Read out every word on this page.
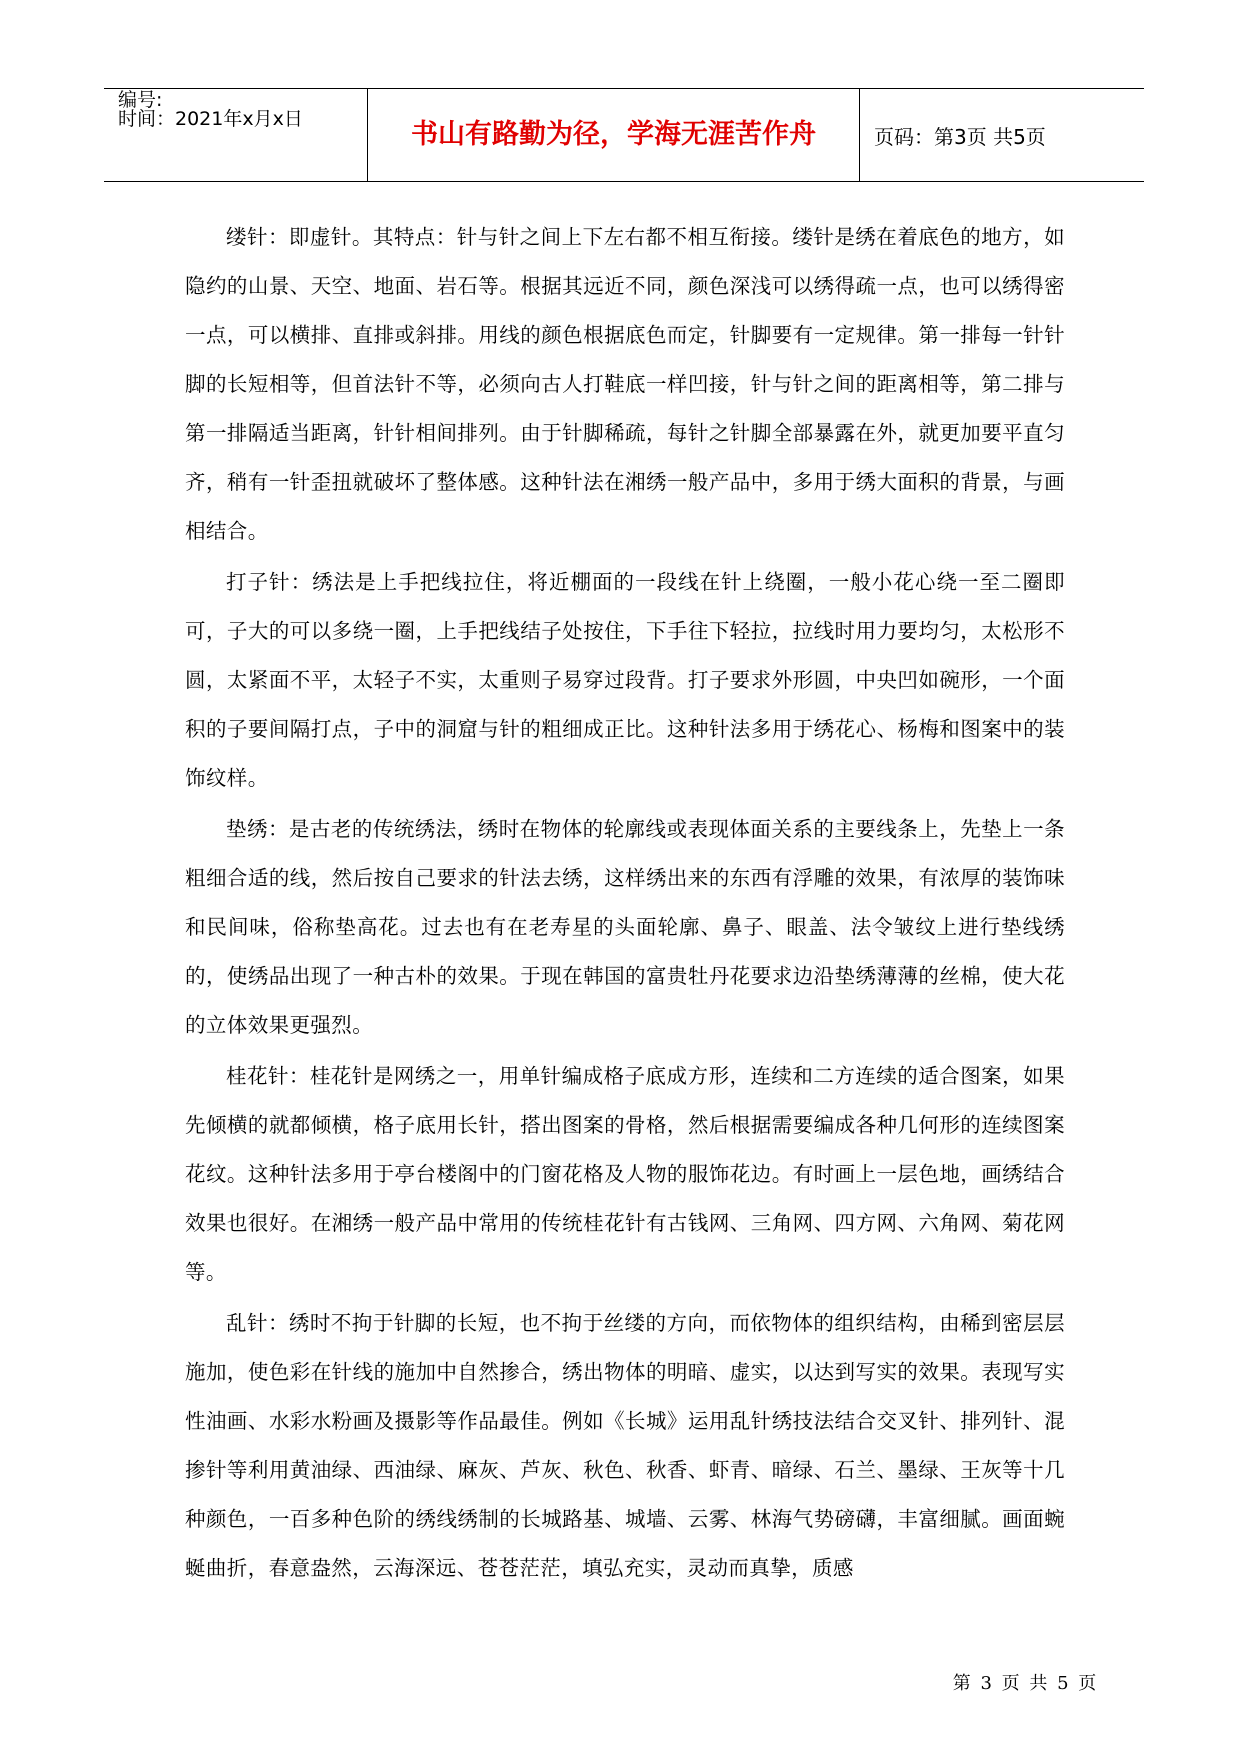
编号:
时间：2021年x月x日	书山有路勤为径，学海无涯苦作舟	页码：第3页 共5页

缕针：即虚针。其特点：针与针之间上下左右都不相互衔接。缕针是绣在着底色的地方，如隐约的山景、天空、地面、岩石等。根据其远近不同，颜色深浅可以绣得疏一点，也可以绣得密一点，可以横排、直排或斜排。用线的颜色根据底色而定，针脚要有一定规律。第一排每一针针脚的长短相等，但首法针不等，必须向古人打鞋底一样凹接，针与针之间的距离相等，第二排与第一排隔适当距离，针针相间排列。由于针脚稀疏，每针之针脚全部暴露在外，就更加要平直匀齐，稍有一针歪扭就破坏了整体感。这种针法在湘绣一般产品中，多用于绣大面积的背景，与画相结合。

打子针：绣法是上手把线拉住，将近棚面的一段线在针上绕圈，一般小花心绕一至二圈即可，子大的可以多绕一圈，上手把线结子处按住，下手往下轻拉，拉线时用力要均匀，太松形不圆，太紧面不平，太轻子不实，太重则子易穿过段背。打子要求外形圆，中央凹如碗形，一个面积的子要间隔打点，子中的洞窟与针的粗细成正比。这种针法多用于绣花心、杨梅和图案中的装饰纹样。

垫绣：是古老的传统绣法，绣时在物体的轮廓线或表现体面关系的主要线条上，先垫上一条粗细合适的线，然后按自己要求的针法去绣，这样绣出来的东西有浮雕的效果，有浓厚的装饰味和民间味，俗称垫高花。过去也有在老寿星的头面轮廓、鼻子、眼盖、法令皱纹上进行垫线绣的，使绣品出现了一种古朴的效果。于现在韩国的富贵牡丹花要求边沿垫绣薄薄的丝棉，使大花的立体效果更强烈。

桂花针：桂花针是网绣之一，用单针编成格子底成方形，连续和二方连续的适合图案，如果先倾横的就都倾横，格子底用长针，搭出图案的骨格，然后根据需要编成各种几何形的连续图案花纹。这种针法多用于亭台楼阁中的门窗花格及人物的服饰花边。有时画上一层色地，画绣结合效果也很好。在湘绣一般产品中常用的传统桂花针有古钱网、三角网、四方网、六角网、菊花网等。

乱针：绣时不拘于针脚的长短，也不拘于丝缕的方向，而依物体的组织结构，由稀到密层层施加，使色彩在针线的施加中自然掺合，绣出物体的明暗、虚实，以达到写实的效果。表现写实性油画、水彩水粉画及摄影等作品最佳。例如《长城》运用乱针绣技法结合交叉针、排列针、混掺针等利用黄油绿、西油绿、麻灰、芦灰、秋色、秋香、虾青、暗绿、石兰、墨绿、王灰等十几种颜色，一百多种色阶的绣线绣制的长城路基、城墙、云雾、林海气势磅礴，丰富细腻。画面蜿蜒曲折，春意盎然，云海深远、苍苍茫茫，填弘充实，灵动而真挚，质感

第 3 页 共 5 页
